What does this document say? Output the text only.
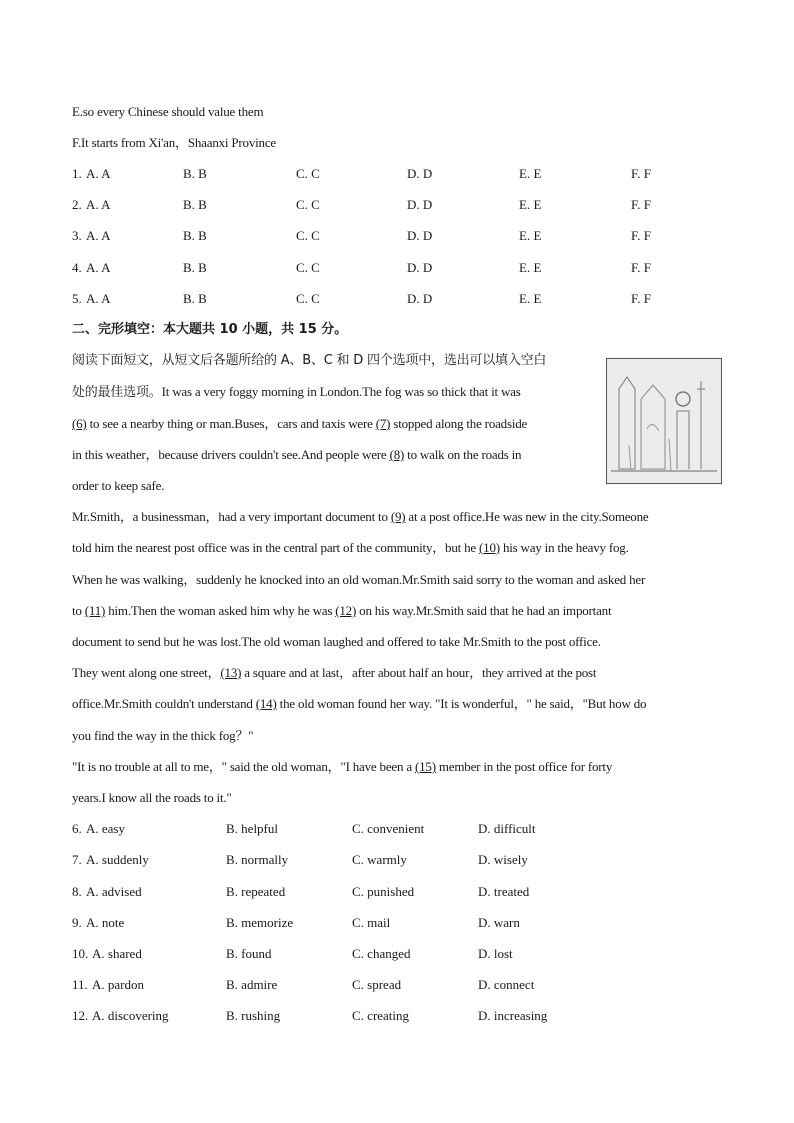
E.so every Chinese should value them
F.It starts from Xi'an，Shaanxi Province
1. A. A	B. B	C. C	D. D	E. E	F. F
2. A. A	B. B	C. C	D. D	E. E	F. F
3. A. A	B. B	C. C	D. D	E. E	F. F
4. A. A	B. B	C. C	D. D	E. E	F. F
5. A. A	B. B	C. C	D. D	E. E	F. F
二、完形填空：本大题共 10 小题，共 15 分。
阅读下面短文，从短文后各题所给的 A、B、C 和 D 四个选项中，选出可以填入空白
处的最佳选项。It was a very foggy morning in London.The fog was so thick that it was
(6) to see a nearby thing or man.Buses，cars and taxis were (7) stopped along the roadside
in this weather，because drivers couldn't see.And people were (8) to walk on the roads in
order to keep safe.
Mr.Smith，a businessman，had a very important document to (9) at a post office.He was new in the city.Someone
told him the nearest post office was in the central part of the community，but he (10) his way in the heavy fog.
When he was walking，suddenly he knocked into an old woman.Mr.Smith said sorry to the woman and asked her
to (11) him.Then the woman asked him why he was (12) on his way.Mr.Smith said that he had an important
document to send but he was lost.The old woman laughed and offered to take Mr.Smith to the post office.
They went along one street，(13) a square and at last，after about half an hour，they arrived at the post
office.Mr.Smith couldn't understand (14) the old woman found her way. "It is wonderful，" he said，"But how do
you find the way in the thick fog？"
"It is no trouble at all to me，" said the old woman，"I have been a (15) member in the post office for forty
years.I know all the roads to it."
6. A. easy	B. helpful	C. convenient	D. difficult
7. A. suddenly	B. normally	C. warmly	D. wisely
8. A. advised	B. repeated	C. punished	D. treated
9. A. note	B. memorize	C. mail	D. warn
10. A. shared	B. found	C. changed	D. lost
11. A. pardon	B. admire	C. spread	D. connect
12. A. discovering	B. rushing	C. creating	D. increasing
